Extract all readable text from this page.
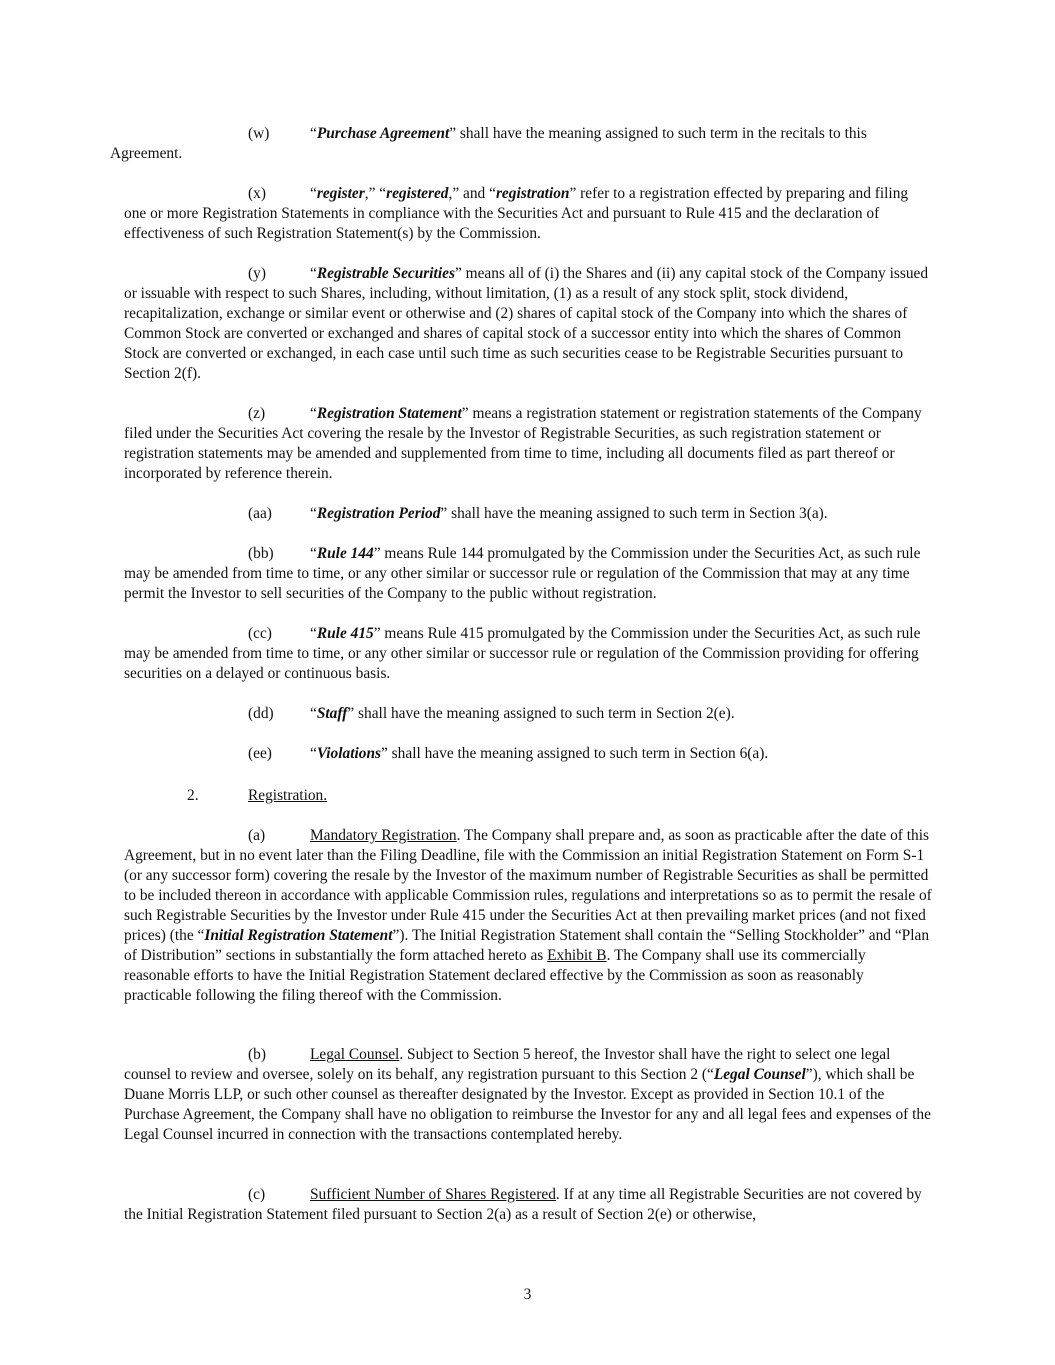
(w)	“Purchase Agreement” shall have the meaning assigned to such term in the recitals to this Agreement.

(x)	“register,” “registered,” and “registration” refer to a registration effected by preparing and filing one or more Registration Statements in compliance with the Securities Act and pursuant to Rule 415 and the declaration of effectiveness of such Registration Statement(s) by the Commission.

(y)	“Registrable Securities” means all of (i) the Shares and (ii) any capital stock of the Company issued or issuable with respect to such Shares, including, without limitation, (1) as a result of any stock split, stock dividend, recapitalization, exchange or similar event or otherwise and (2) shares of capital stock of the Company into which the shares of Common Stock are converted or exchanged and shares of capital stock of a successor entity into which the shares of Common Stock are converted or exchanged, in each case until such time as such securities cease to be Registrable Securities pursuant to Section 2(f).

(z)	“Registration Statement” means a registration statement or registration statements of the Company filed under the Securities Act covering the resale by the Investor of Registrable Securities, as such registration statement or registration statements may be amended and supplemented from time to time, including all documents filed as part thereof or incorporated by reference therein.

(aa) “Registration Period” shall have the meaning assigned to such term in Section 3(a).

(bb) “Rule 144” means Rule 144 promulgated by the Commission under the Securities Act, as such rule may be amended from time to time, or any other similar or successor rule or regulation of the Commission that may at any time permit the Investor to sell securities of the Company to the public without registration.

(cc) “Rule 415” means Rule 415 promulgated by the Commission under the Securities Act, as such rule may be amended from time to time, or any other similar or successor rule or regulation of the Commission providing for offering securities on a delayed or continuous basis.

(dd) “Staff” shall have the meaning assigned to such term in Section 2(e).

(ee) “Violations” shall have the meaning assigned to such term in Section 6(a).

2.	Registration.

(a)	Mandatory Registration. The Company shall prepare and, as soon as practicable after the date of this Agreement, but in no event later than the Filing Deadline, file with the Commission an initial Registration Statement on Form S-1 (or any successor form) covering the resale by the Investor of the maximum number of Registrable Securities as shall be permitted to be included thereon in accordance with applicable Commission rules, regulations and interpretations so as to permit the resale of such Registrable Securities by the Investor under Rule 415 under the Securities Act at then prevailing market prices (and not fixed prices) (the “Initial Registration Statement”). The Initial Registration Statement shall contain the “Selling Stockholder” and “Plan of Distribution” sections in substantially the form attached hereto as Exhibit B. The Company shall use its commercially reasonable efforts to have the Initial Registration Statement declared effective by the Commission as soon as reasonably practicable following the filing thereof with the Commission.

(b)	Legal Counsel. Subject to Section 5 hereof, the Investor shall have the right to select one legal counsel to review and oversee, solely on its behalf, any registration pursuant to this Section 2 (“Legal Counsel”), which shall be Duane Morris LLP, or such other counsel as thereafter designated by the Investor. Except as provided in Section 10.1 of the Purchase Agreement, the Company shall have no obligation to reimburse the Investor for any and all legal fees and expenses of the Legal Counsel incurred in connection with the transactions contemplated hereby.

(c)	Sufficient Number of Shares Registered. If at any time all Registrable Securities are not covered by the Initial Registration Statement filed pursuant to Section 2(a) as a result of Section 2(e) or otherwise,

3
